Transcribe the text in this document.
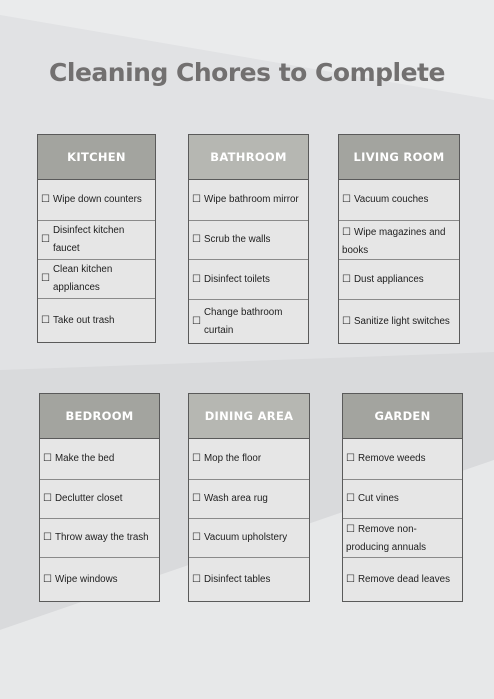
Cleaning Chores to Complete
KITCHEN
☐ Wipe down counters
☐
Disinfect kitchen faucet
☐
Clean kitchen appliances
☐ Take out trash
BATHROOM
☐ Wipe bathroom mirror
☐ Scrub the walls
☐ Disinfect toilets
☐
Change bathroom curtain
LIVING ROOM
☐ Vacuum couches
☐ Wipe magazines and books
☐ Dust appliances
☐ Sanitize light switches
BEDROOM
☐ Make the bed
☐ Declutter closet
☐ Throw away the trash
☐ Wipe windows
DINING AREA
☐ Mop the floor
☐ Wash area rug
☐ Vacuum upholstery
☐ Disinfect tables
GARDEN
☐ Remove weeds
☐ Cut vines
☐ Remove non-producing annuals
☐ Remove dead leaves
